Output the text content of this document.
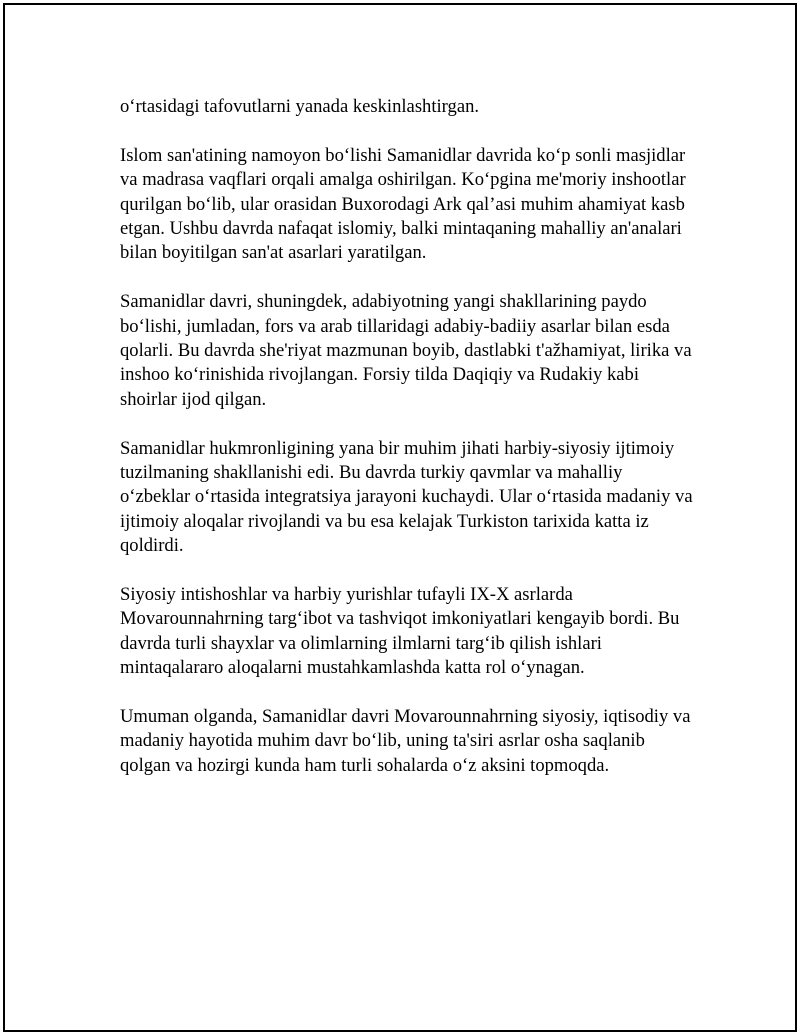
o‘rtasidagi tafovutlarni yanada keskinlashtirgan.

Islom san'atining namoyon bo‘lishi Samanidlar davrida ko‘p sonli masjidlar va madrasa vaqflari orqali amalga oshirilgan. Ko‘pgina me'moriy inshootlar qurilgan bo‘lib, ular orasidan Buxorodagi Ark qal’asi muhim ahamiyat kasb etgan. Ushbu davrda nafaqat islomiy, balki mintaqaning mahalliy an'analari bilan boyitilgan san'at asarlari yaratilgan.

Samanidlar davri, shuningdek, adabiyotning yangi shakllarining paydo bo‘lishi, jumladan, fors va arab tillaridagi adabiy-badiiy asarlar bilan esda qolarli. Bu davrda she'riyat mazmunan boyib, dastlabki t'ažhamiyat, lirika va inshoo ko‘rinishida rivojlangan. Forsiy tilda Daqiqiy va Rudakiy kabi shoirlar ijod qilgan.

Samanidlar hukmronligining yana bir muhim jihati harbiy-siyosiy ijtimoiy tuzilmaning shakllanishi edi. Bu davrda turkiy qavmlar va mahalliy o‘zbeklar o‘rtasida integratsiya jarayoni kuchaydi. Ular o‘rtasida madaniy va ijtimoiy aloqalar rivojlandi va bu esa kelajak Turkiston tarixida katta iz qoldirdi.

Siyosiy intishoshlar va harbiy yurishlar tufayli IX-X asrlarda Movarounnahrning targ‘ibot va tashviqot imkoniyatlari kengayib bordi. Bu davrda turli shayxlar va olimlarning ilmlarni targ‘ib qilish ishlari mintaqalararo aloqalarni mustahkamlashda katta rol o‘ynagan.

Umuman olganda, Samanidlar davri Movarounnahrning siyosiy, iqtisodiy va madaniy hayotida muhim davr bo‘lib, uning ta'siri asrlar osha saqlanib qolgan va hozirgi kunda ham turli sohalarda o‘z aksini topmoqda.
